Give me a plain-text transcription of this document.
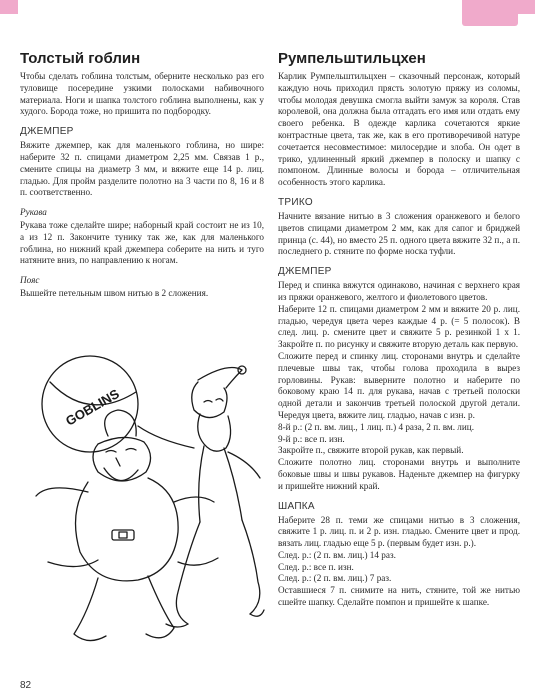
Толстый гоблин

Чтобы сделать гоблина толстым, оберните несколько раз его туловище посередине узкими полосками набивочного материала. Ноги и шапка толстого гоблина выполнены, как у худого. Борода тоже, но пришита по подбородку.

ДЖЕМПЕР

Вяжите джемпер, как для маленького гоблина, но шире: наберите 32 п. спицами диаметром 2,25 мм. Связав 1 р., смените спицы на диаметр 3 мм, и вяжите еще 14 р. лиц. гладью. Для пройм разделите полотно на 3 части по 8, 16 и 8 п. соответственно.

Рукава

Рукава тоже сделайте шире; наборный край состоит не из 10, а из 12 п. Закончите тунику так же, как для маленького гоблина, но нижний край джемпера соберите на нить и туго натяните вниз, по направлению к ногам.

Пояс

Вышейте петельным швом нитью в 2 сложения.

GOBLINS
Румпельштильцхен

Карлик Румпельштильцхен – сказочный персонаж, который каждую ночь приходил прясть золотую пряжу из соломы, чтобы молодая девушка смогла выйти замуж за короля. Став королевой, она должна была отгадать его имя или отдать ему своего ребенка. В одежде карлика сочетаются яркие контрастные цвета, так же, как в его противоречивой натуре сочетается несовместимое: милосердие и злоба. Он одет в трико, удлиненный яркий джемпер в полоску и шапку с помпоном. Длинные волосы и борода – отличительная особенность этого карлика.

ТРИКО

Начните вязание нитью в 3 сложения оранжевого и белого цветов спицами диаметром 2 мм, как для сапог и бриджей принца (с. 44), но вместо 25 п. одного цвета вяжите 32 п., а п. последнего р. стяните по форме носка туфли.

ДЖЕМПЕР

Перед и спинка вяжутся одинаково, начиная с верхнего края из пряжи оранжевого, желтого и фиолетового цветов.

Наберите 12 п. спицами диаметром 2 мм и вяжите 20 р. лиц. гладью, чередуя цвета через каждые 4 р. (= 5 полосок). В след. лиц. р. смените цвет и свяжите 5 р. резинкой 1 х 1. Закройте п. по рисунку и свяжите вторую деталь как первую.

Сложите перед и спинку лиц. сторонами внутрь и сделайте плечевые швы так, чтобы голова проходила в вырез горловины. Рукав: выверните полотно и наберите по боковому краю 14 п. для рукава, начав с третьей полоски одной детали и закончив третьей полоской другой детали. Чередуя цвета, вяжите лиц. гладью, начав с изн. р.

8-й р.: (2 п. вм. лиц., 1 лиц. п.) 4 раза, 2 п. вм. лиц.

9-й р.: все п. изн.

Закройте п., свяжите второй рукав, как первый.

Сложите полотно лиц. сторонами внутрь и выполните боковые швы и швы рукавов. Наденьте джемпер на фигурку и пришейте нижний край.

ШАПКА

Наберите 28 п. теми же спицами нитью в 3 сложения, свяжите 1 р. лиц. п. и 2 р. изн. гладью. Смените цвет и прод. вязать лиц. гладью еще 5 р. (первым будет изн. р.).

След. р.: (2 п. вм. лиц.) 14 раз.

След. р.: все п. изн.

След. р.: (2 п. вм. лиц.) 7 раз.

Оставшиеся 7 п. снимите на нить, стяните, той же нитью сшейте шапку. Сделайте помпон и пришейте к шапке.

82
